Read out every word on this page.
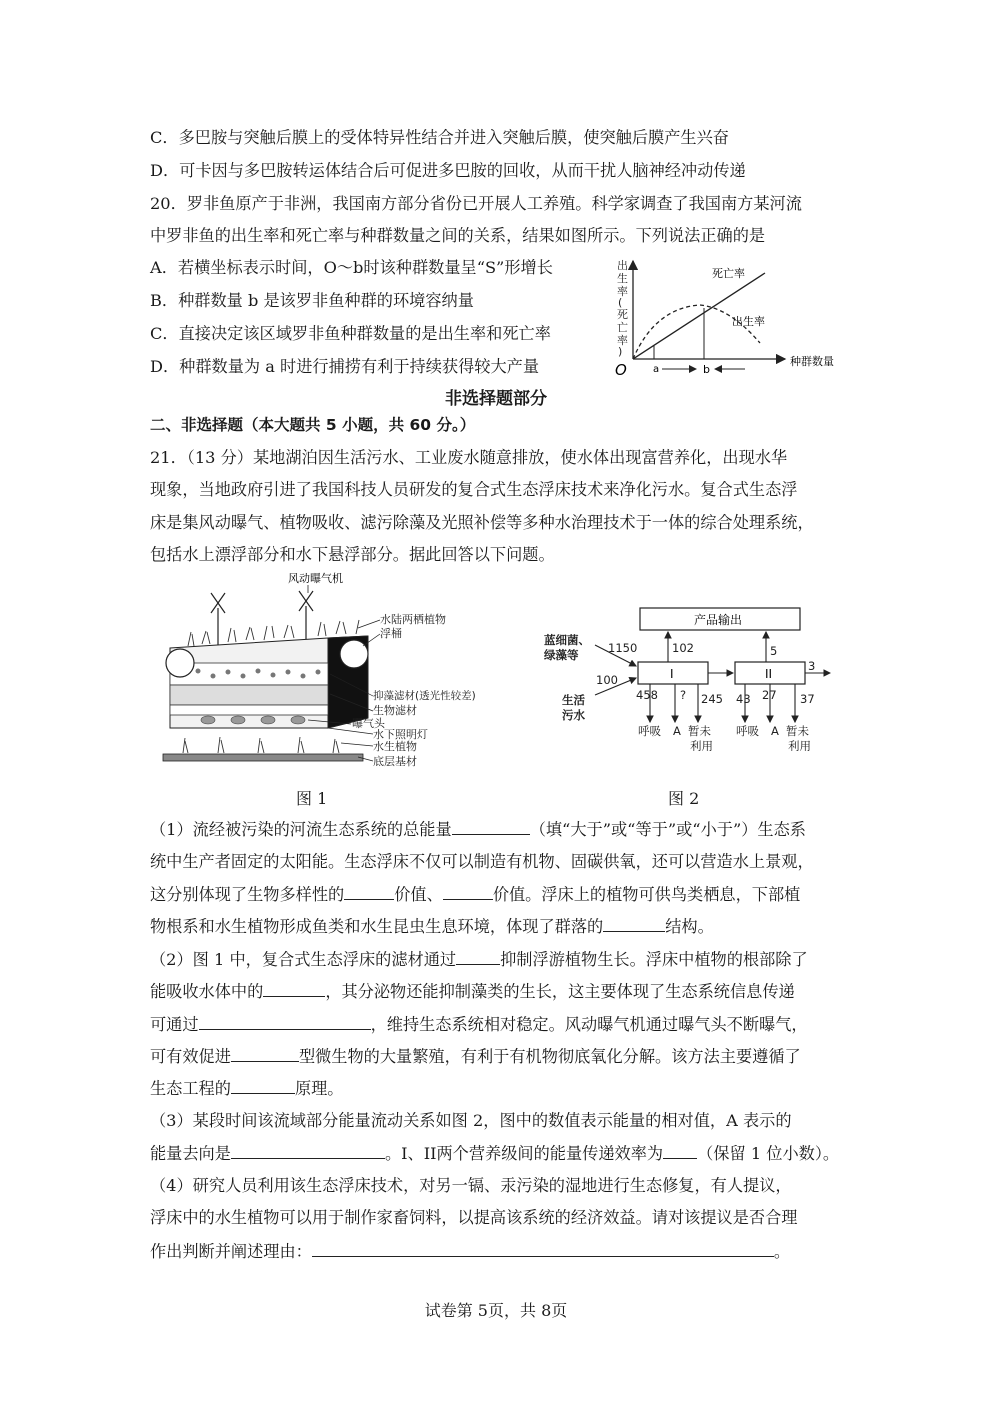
C．多巴胺与突触后膜上的受体特异性结合并进入突触后膜，使突触后膜产生兴奋
D．可卡因与多巴胺转运体结合后可促进多巴胺的回收，从而干扰人脑神经冲动传递
20．罗非鱼原产于非洲，我国南方部分省份已开展人工养殖。科学家调查了我国南方某河流
中罗非鱼的出生率和死亡率与种群数量之间的关系，结果如图所示。下列说法正确的是
A．若横坐标表示时间，O～b时该种群数量呈“S”形增长
B．种群数量 b 是该罗非鱼种群的环境容纳量
C．直接决定该区域罗非鱼种群数量的是出生率和死亡率
D．种群数量为 a 时进行捕捞有利于持续获得较大产量
出
生
率
(
死
亡
率
)
O	种群数量
死亡率
出生率
a	b
非选择题部分
二、非选择题（本大题共 5 小题，共 60 分。）
21．（13 分）某地湖泊因生活污水、工业废水随意排放，使水体出现富营养化，出现水华
现象，当地政府引进了我国科技人员研发的复合式生态浮床技术来净化污水。复合式生态浮
床是集风动曝气、植物吸收、滤污除藻及光照补偿等多种水治理技术于一体的综合处理系统，
包括水上漂浮部分和水下悬浮部分。据此回答以下问题。
风动曝气机
水陆两栖植物
浮桶
抑藻滤材(透光性较差)
生物滤材
曝气头
水下照明灯
水生植物
底层基材
图 1
产品输出
I	II
蓝细菌、
绿藻等
生活
污水
1150
100
102	5
3
458 ? 245 43 27 37
呼吸 A 暂未
利用
呼吸 A 暂未
利用
图 2
（1）流经被污染的河流生态系统的总能量	（填“大于”或“等于”或“小于”）生态系
统中生产者固定的太阳能。生态浮床不仅可以制造有机物、固碳供氧，还可以营造水上景观，
这分别体现了生物多样性的	价值、	价值。浮床上的植物可供鸟类栖息，下部植
物根系和水生植物形成鱼类和水生昆虫生息环境，体现了群落的	结构。
（2）图 1 中，复合式生态浮床的滤材通过	抑制浮游植物生长。浮床中植物的根部除了
能吸收水体中的	，其分泌物还能抑制藻类的生长，这主要体现了生态系统信息传递
可通过	，维持生态系统相对稳定。风动曝气机通过曝气头不断曝气，
可有效促进	型微生物的大量繁殖，有利于有机物彻底氧化分解。该方法主要遵循了
生态工程的	原理。
（3）某段时间该流域部分能量流动关系如图 2，图中的数值表示能量的相对值，A 表示的
能量去向是	。I、II两个营养级间的能量传递效率为 （保留 1 位小数）。
（4）研究人员利用该生态浮床技术，对另一镉、汞污染的湿地进行生态修复，有人提议，
浮床中的水生植物可以用于制作家畜饲料，以提高该系统的经济效益。请对该提议是否合理
作出判断并阐述理由：	。
试卷第 5页，共 8页
